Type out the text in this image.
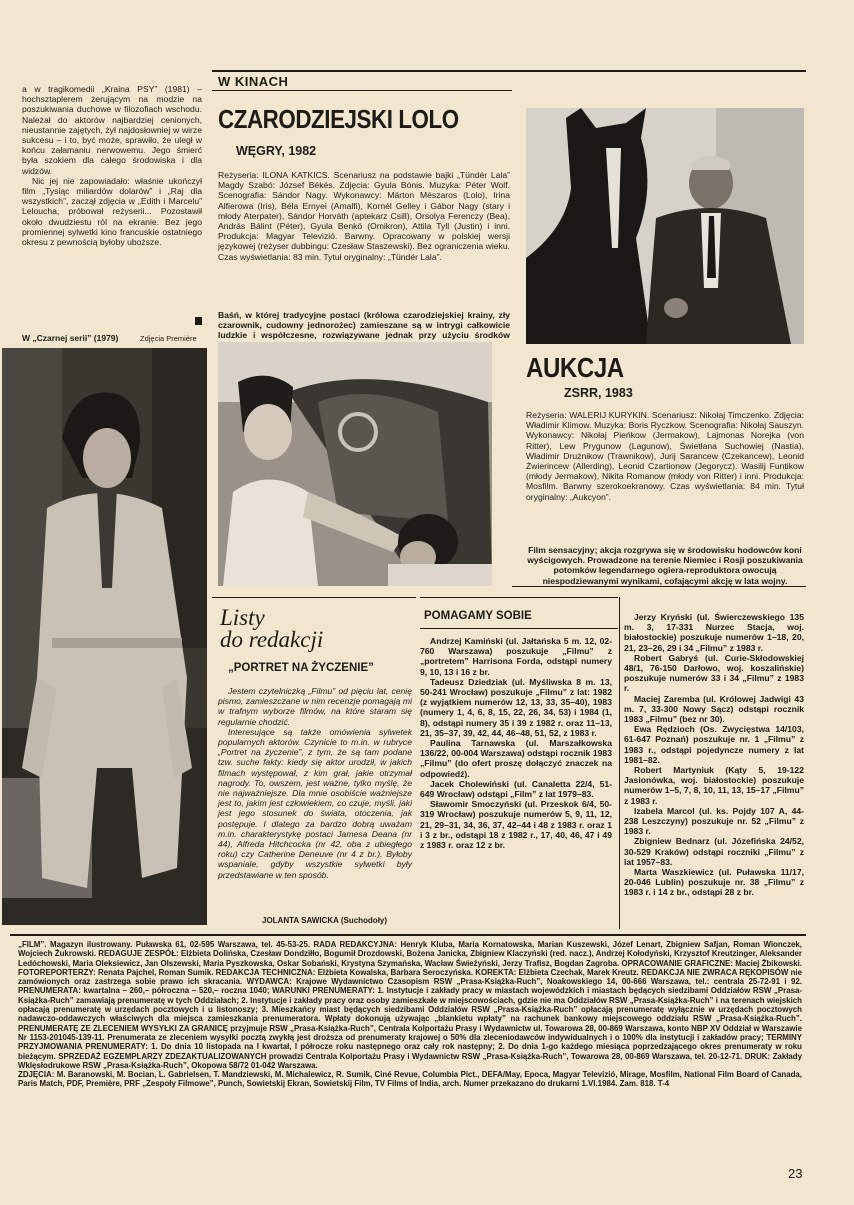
a w tragikomedii „Kraina PSY” (1981) – hochsztaplerem żerującym na modzie na poszukiwania duchowe w filozofiach wschodu. Należał do aktorów najbardziej cenionych, nieustannie zajętych, żył najdosłowniej w wirze sukcesu – i to, być może, sprawiło, że uległ w końcu załamaniu nerwowemu. Jego śmierć była szokiem dla całego środowiska i dla widzów.

Nic jej nie zapowiadało: właśnie ukończył film „Tysiąc miliardów dolarów” i „Raj dla wszystkich”, zaczął zdjęcia w „Edith i Marcelu” Leloucha, próbował reżyserii... Pozostawił około dwudziestu ról na ekranie. Bez jego promiennej sylwetki kino francuskie ostatniego okresu z pewnością byłoby uboższe.

W „Czarnej serii” (1979)	Zdjęcia Première
W KINACH
CZARODZIEJSKI LOLO
WĘGRY, 1982
Reżyseria: ILONA KATKICS. Scenariusz na podstawie bajki „Tündér Lala” Magdy Szabó: József Békés. Zdjęcia: Gyula Bónis. Muzyka: Péter Wolf. Scenografia: Sándor Nagy. Wykonawcy: Márton Mészaros (Lolo), Irina Alfierowa (Iris), Béla Ernyei (Amalfi), Kornél Gelley i Gábor Nagy (stary i młody Aterpater), Sándor Horváth (aptekarz Csill), Orsolya Ferenczy (Bea), András Bálint (Péter), Gyula Benkö (Omikron), Attila Tyll (Justin) i inni. Produkcja: Magyar Televizió. Barwny. Opracowany w polskiej wersji językowej (reżyser dubbingu: Czesław Staszewski). Bez ograniczenia wieku. Czas wyświetlania: 83 min. Tytuł oryginalny: „Tündér Lala”.
Baśń, w której tradycyjne postaci (królowa czarodziejskiej krainy, zły czarownik, cudowny jednorożec) zamieszane są w intrygi całkowicie ludzkie i współczesne, rozwiązywane jednak przy użyciu środków
AUKCJA
ZSRR, 1983
Reżyseria: WALERIJ KURYKIN. Scenariusz: Nikołaj Timczenko. Zdjęcia: Władimir Klimow. Muzyka: Boris Ryczkow. Scenografia: Nikołaj Sauszyn. Wykonawcy: Nikołaj Pieńkow (Jermakow), Lajmonas Norejka (von Ritter), Lew Prygunow (Lagunow), Świetłana Suchowiej (Nastia), Władimir Drużnikow (Trawnikow), Jurij Sarancew (Czekancew), Leonid Żwierincew (Allerding), Leonid Czartionow (Jegorycz). Wasilij Funtikow (młody Jermakow), Nikita Romanow (młody von Ritter) i inni. Produkcja: Mosfilm. Barwny szerokoekranowy. Czas wyświetlania: 84 min. Tytuł oryginalny: „Aukcyon”.
Film sensacyjny; akcja rozgrywa się w środowisku hodowców koni wyścigowych. Prowadzone na terenie Niemiec i Rosji poszukiwania potomków legendarnego ogiera-reproduktora owocują niespodziewanymi wynikami, cofającymi akcję w lata wojny.
Listy
do redakcji
„PORTRET NA ŻYCZENIE”

Jestem czytelniczką „Filmu” od pięciu lat, cenię pismo, zamieszczane w nim recenzje pomagają mi w trafnym wyborze filmów, na które staram się regularnie chodzić.

Interesujące są także omówienia sylwetek popularnych aktorów. Czynicie to m.in. w rubryce „Portret na życzenie”, z tym, że są tam podane tzw. suche fakty: kiedy się aktor urodził, w jakich filmach występował, z kim grał, jakie otrzymał nagrody. To, owszem, jest ważne, tylko myślę, że nie najważniejsze. Dla mnie osobiście ważniejsze jest to, jakim jest człowiekiem, co czuje, myśli, jaki jest jego stosunek do świata, otoczenia, jak postępuje. I dlatego za bardzo dobrą uważam m.in. charakterystykę postaci Jamesa Deana (nr 44), Alfreda Hitchcocka (nr 42, oba z ubiegłego roku) czy Catherine Deneuve (nr 4 z br.). Byłoby wspaniale, gdyby wszystkie sylwetki były przedstawiane w ten sposób.

JOLANTA SAWICKA (Suchodoły)
POMAGAMY SOBIE

Andrzej Kamiński (ul. Jałtańska 5 m. 12, 02-760 Warszawa) poszukuje „Filmu” z „portretem” Harrisona Forda, odstąpi numery 9, 10, 13 i 16 z br.

Tadeusz Dziedziak (ul. Myśliwska 8 m. 13, 50-241 Wrocław) poszukuje „Filmu” z lat: 1982 (z wyjątkiem numerów 12, 13, 33, 35–40), 1983 (numery 1, 4, 6, 8, 15, 22, 26, 34, 53) i 1984 (1, 8), odstąpi numery 35 i 39 z 1982 r. oraz 11–13, 21, 35–37, 39, 42, 44, 46–48, 51, 52, z 1983 r.

Paulina Tarnawska (ul. Marszałkowska 136/22, 00-004 Warszawa) odstąpi rocznik 1983 „Filmu” (do ofert proszę dołączyć znaczek na odpowiedź).

Jacek Cholewiński (ul. Canaletta 22/4, 51-649 Wrocław) odstąpi „Film” z lat 1979–83.

Sławomir Smoczyński (ul. Przeskok 6/4, 50-319 Wrocław) poszukuje numerów 5, 9, 11, 12, 21, 29–31, 34, 36, 37, 42–44 i 48 z 1983 r. oraz 1 i 3 z br., odstąpi 18 z 1982 r., 17, 40, 46, 47 i 49 z 1983 r. oraz 12 z br.

Jerzy Kryński (ul. Świerczewskiego 135 m. 3, 17-331 Nurzec Stacja, woj. białostockie) poszukuje numerów 1–18, 20, 21, 23–26, 29 i 34 „Filmu” z 1983 r.

Robert Gabryś (ul. Curie-Skłodowskiej 48/1, 76-150 Darłowo, woj. koszalińskie) poszukuje numerów 33 i 34 „Filmu” z 1983 r.

Maciej Zaremba (ul. Królowej Jadwigi 43 m. 7, 33-300 Nowy Sącz) odstąpi rocznik 1983 „Filmu” (bez nr 30).

Ewa Rędzioch (Os. Zwycięstwa 14/103, 61-647 Poznań) poszukuje nr. 1 „Filmu” z 1983 r., odstąpi pojedyncze numery z lat 1981–82.

Robert Martyniuk (Kąty 5, 19-122 Jasionówka, woj. białostockie) poszukuje numerów 1–5, 7, 8, 10, 11, 13, 15–17 „Filmu” z 1983 r.

Izabela Marcol (ul. ks. Pojdy 107 A, 44-238 Leszczyny) poszukuje nr. 52 „Filmu” z 1983 r.

Zbigniew Bednarz (ul. Józefińska 24/52, 30-529 Kraków) odstąpi roczniki „Filmu” z lat 1957–83.

Marta Waszkiewicz (ul. Puławska 11/17, 20-046 Lublin) poszukuje nr. 38 „Filmu” z 1983 r. i 14 z br., odstąpi 28 z br.

„FILM”. Magazyn ilustrowany. Puławska 61, 02-595 Warszawa, tel. 45-53-25. RADA REDAKCYJNA: Henryk Kluba, Maria Kornatowska, Marian Kuszewski, Józef Lenart, Zbigniew Safjan, Roman Wionczek, Wojciech Żukrowski. REDAGUJE ZESPÓŁ: Elżbieta Dolińska, Czesław Dondziłło, Bogumił Drozdowski, Bożena Janicka, Zbigniew Klaczyński (red. nacz.), Andrzej Kołodyński, Krzysztof Kreutzinger, Aleksander Ledóchowski, Maria Oleksiewicz, Jan Olszewski, Maria Pyszkowska, Oskar Sobański, Krystyna Szymańska, Wacław Świeżyński, Jerzy Trafisz, Bogdan Zagroba. OPRACOWANIE GRAFICZNE: Maciej Żbikowski. FOTOREPORTERZY: Renata Pajchel, Roman Sumik. REDAKCJA TECHNICZNA: Elżbieta Kowalska, Barbara Seroczyńska. KOREKTA: Elżbieta Czechak, Marek Kreutz. REDAKCJA NIE ZWRACA RĘKOPISÓW nie zamówionych oraz zastrzega sobie prawo ich skracania. WYDAWCA: Krajowe Wydawnictwo Czasopism RSW „Prasa-Książka-Ruch”, Noakowskiego 14, 00-666 Warszawa, tel.: centrala 25-72-91 i 92. PRENUMERATA: kwartalna – 260,– półroczna – 520,– roczna 1040; WARUNKI PRENUMERATY: 1. Instytucje i zakłady pracy w miastach wojewódzkich i miastach będących siedzibami Oddziałów RSW „Prasa-Książka-Ruch” zamawiają prenumeratę w tych Oddziałach; 2. Instytucje i zakłady pracy oraz osoby zamieszkałe w miejscowościach, gdzie nie ma Oddziałów RSW „Prasa-Książka-Ruch” i na terenach wiejskich opłacają prenumeratę w urzędach pocztowych i u listonoszy; 3. Mieszkańcy miast będących siedzibami Oddziałów RSW „Prasa-Książka-Ruch” opłacają prenumeratę wyłącznie w urzędach pocztowych nadawczo-oddawczych właściwych dla miejsca zamieszkania prenumeratora. Wpłaty dokonują używając „blankietu wpłaty” na rachunek bankowy miejscowego oddziału RSW „Prasa-Książka-Ruch”. PRENUMERATĘ ZE ZLECENIEM WYSYŁKI ZA GRANICĘ przyjmuje RSW „Prasa-Książka-Ruch”, Centrala Kolportażu Prasy i Wydawnictw ul. Towarowa 28, 00-869 Warszawa, konto NBP XV Oddział w Warszawie Nr 1153-201045-139-11. Prenumerata ze zleceniem wysyłki pocztą zwykłą jest droższa od prenumeraty krajowej o 50% dla zleceniodawców indywidualnych i o 100% dla instytucji i zakładów pracy; TERMINY PRZYJMOWANIA PRENUMERATY: 1. Do dnia 10 listopada na I kwartał, I półrocze roku następnego oraz cały rok następny; 2. Do dnia 1-go każdego miesiąca poprzedzającego okres prenumeraty w roku bieżącym. SPRZEDAŻ EGZEMPLARZY ZDEZAKTUALIZOWANYCH prowadzi Centrala Kolportażu Prasy i Wydawnictw RSW „Prasa-Książka-Ruch”, Towarowa 28, 00-869 Warszawa, tel. 20-12-71. DRUK: Zakłady Wklęsłodrukowe RSW „Prasa-Książka-Ruch”, Okopowa 58/72 01-042 Warszawa.
ZDJĘCIA: M. Baranowski, M. Bocian, L. Gabrielsen, T. Mandziewski, M. Michalewicz, R. Sumik, Ciné Revue, Columbia Pict., DEFA/May, Epoca, Magyar Televizió, Mirage, Mosfilm, National Film Board of Canada, Paris Match, PDF, Première, PRF „Zespoły Filmowe”, Punch, Sowietskij Ekran, Sowietskij Film, TV Films of India, arch. Numer przekazano do drukarni 1.VI.1984. Zam. 818. T-4
23
